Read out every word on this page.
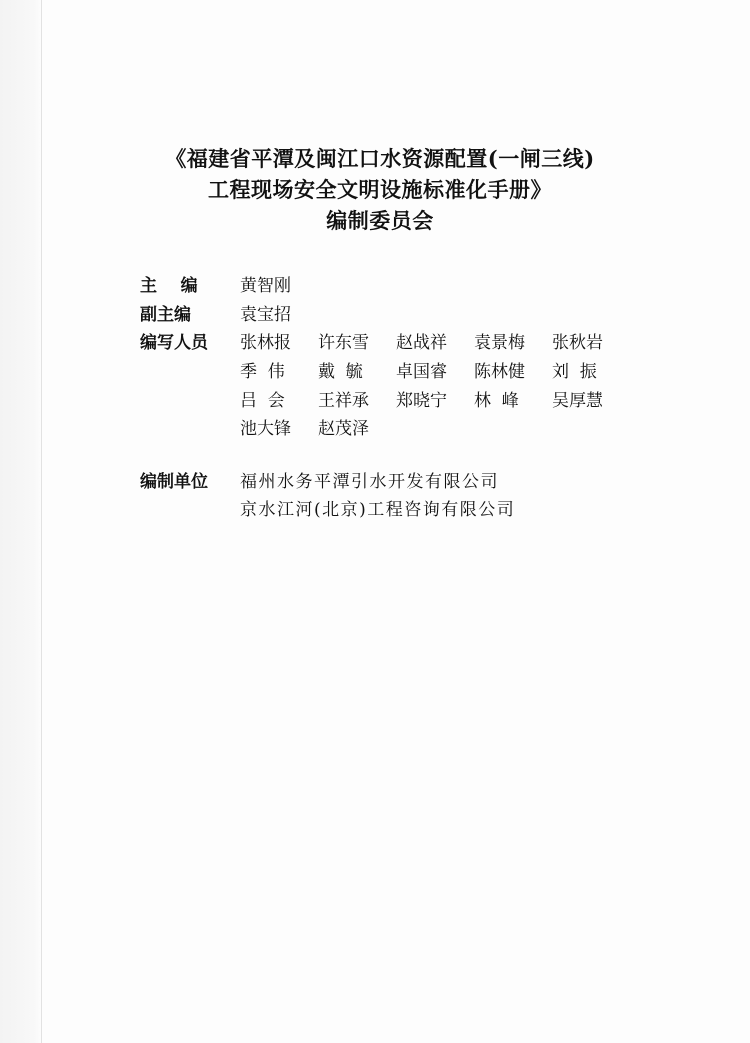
《福建省平潭及闽江口水资源配置(一闸三线)
工程现场安全文明设施标准化手册》
编制委员会
主    编 黄智刚
副主编	袁宝招
编写人员 张林报	许东雪	赵战祥	袁景梅	张秋岩
季  伟	戴  毓	卓国睿	陈林健	刘  振
吕  会	王祥承	郑晓宁	林  峰	吴厚慧
池大锋	赵茂泽
编制单位 福州水务平潭引水开发有限公司
京水江河(北京)工程咨询有限公司
